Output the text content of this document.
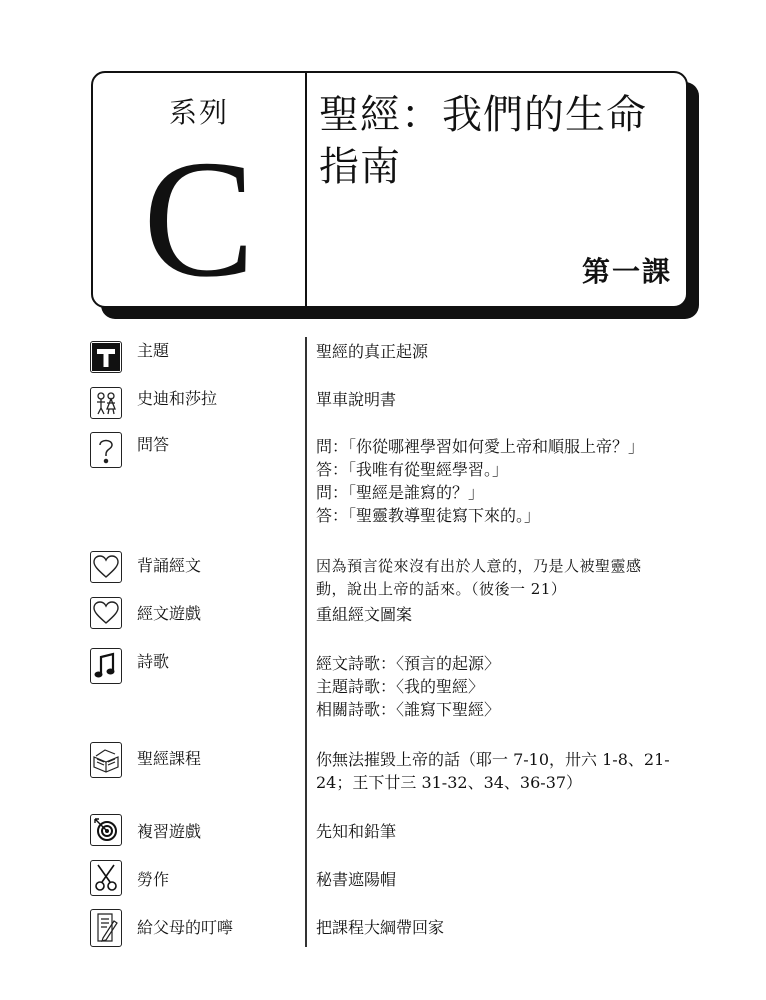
系列
C
聖經：我們的生命指南
第一課
主題	聖經的真正起源
史迪和莎拉	單車說明書
問答	問：「你從哪裡學習如何愛上帝和順服上帝？」
答：「我唯有從聖經學習。」
問：「聖經是誰寫的？」
答：「聖靈教導聖徒寫下來的。」
背誦經文	因為預言從來沒有出於人意的，乃是人被聖靈感
動，說出上帝的話來。（彼後一 21）
經文遊戲	重組經文圖案
詩歌	經文詩歌：〈預言的起源〉
主題詩歌：〈我的聖經〉
相關詩歌：〈誰寫下聖經〉
聖經課程	你無法摧毀上帝的話（耶一 7-10，卅六 1-8、21-
24；王下廿三 31-32、34、36-37）
複習遊戲	先知和鉛筆
勞作	秘書遮陽帽
給父母的叮嚀	把課程大綱帶回家
